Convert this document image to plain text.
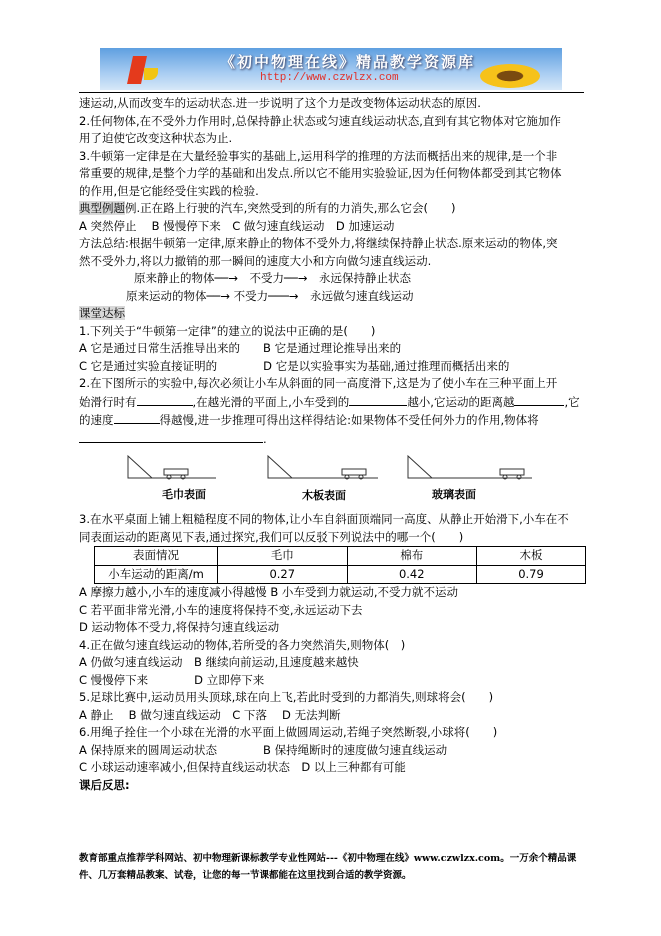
《初中物理在线》精品教学资源库
http://www.czwlzx.com
速运动,从而改变车的运动状态.进一步说明了这个力是改变物体运动状态的原因.
2.任何物体,在不受外力作用时,总保持静止状态或匀速直线运动状态,直到有其它物体对它施加作
用了迫使它改变这种状态为止.
3.牛顿第一定律是在大量经验事实的基础上,运用科学的推理的方法而概括出来的规律,是一个非
常重要的规律,是整个力学的基础和出发点.所以它不能用实验验证,因为任何物体都受到其它物体
的作用,但是它能经受住实践的检验.
典型例题例.正在路上行驶的汽车,突然受到的所有的力消失,那么它会(　　)
A 突然停止　 B 慢慢停下来　C 做匀速直线运动　D 加速运动
方法总结:根据牛顿第一定律,原来静止的物体不受外力,将继续保持静止状态.原来运动的物体,突
然不受外力,将以力撤销的那一瞬间的速度大小和方向做匀速直线运动.
原来静止的物体──→　不受力──→　永远保持静止状态
原来运动的物体──→ 不受力───→　永远做匀速直线运动
课堂达标
1.下列关于“牛顿第一定律”的建立的说法中正确的是(　　)
A 它是通过日常生活推导出来的　　B 它是通过理论推导出来的
C 它是通过实验直接证明的　　　　D 它是以实验事实为基础,通过推理而概括出来的
2.在下图所示的实验中,每次必须让小车从斜面的同一高度滑下,这是为了使小车在三种平面上开
始滑行时有	,在越光滑的平面上,小车受到的	越小,它运动的距离越	,它
的速度	得越慢,进一步推理可得出这样得结论:如果物体不受任何外力的作用,物体将
.
毛巾表面	木板表面	玻璃表面
3.在水平桌面上铺上粗糙程度不同的物体,让小车自斜面顶端同一高度、从静止开始滑下,小车在不
同表面运动的距离见下表,通过探究,我们可以反驳下列说法中的哪一个(　　)
表面情况	毛巾	棉布	木板
小车运动的距离/m	0.27	0.42	0.79
A 摩擦力越小,小车的速度减小得越慢 B 小车受到力就运动,不受力就不运动
C 若平面非常光滑,小车的速度将保持不变,永远运动下去
D 运动物体不受力,将保持匀速直线运动
4.正在做匀速直线运动的物体,若所受的各力突然消失,则物体(　)
A 仍做匀速直线运动　B 继续向前运动,且速度越来越快
C 慢慢停下来　　　　D 立即停下来
5.足球比赛中,运动员用头顶球,球在向上飞,若此时受到的力都消失,则球将会(　　)
A 静止　 B 做匀速直线运动　C 下落　 D 无法判断
6.用绳子拴住一个小球在光滑的水平面上做圆周运动,若绳子突然断裂,小球将(　　)
A 保持原来的圆周运动状态　　　　B 保持绳断时的速度做匀速直线运动
C 小球运动速率减小,但保持直线运动状态　D 以上三种都有可能
课后反思:
教育部重点推荐学科网站、初中物理新课标教学专业性网站---《初中物理在线》www.czwlzx.com。一万余个精品课
件、几万套精品教案、试卷，让您的每一节课都能在这里找到合适的教学资源。
